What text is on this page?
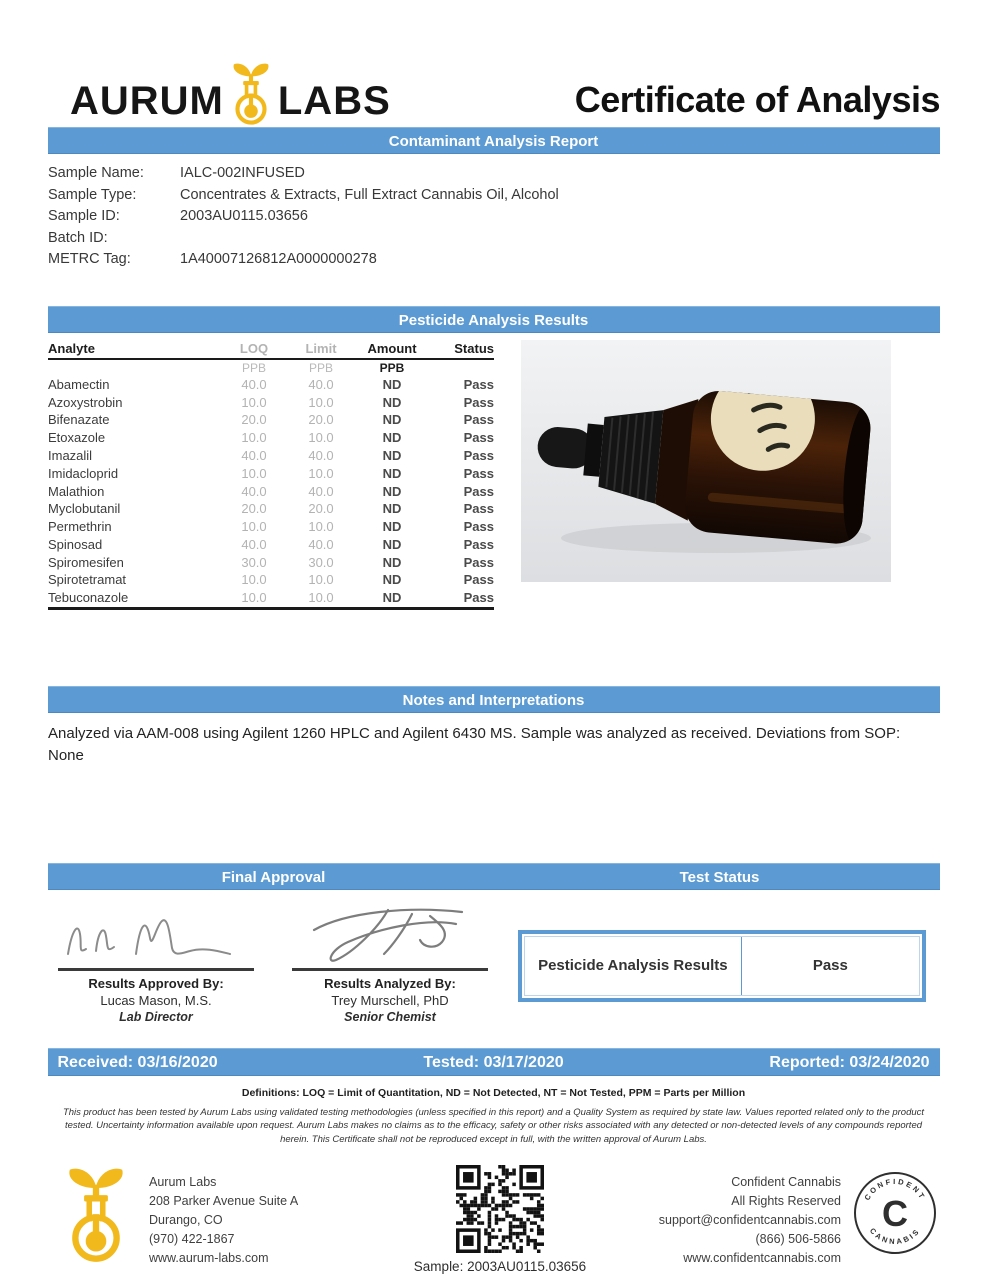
AURUM LABS	Certificate of Analysis
Contaminant Analysis Report
Sample Name:	IALC-002INFUSED
Sample Type:	Concentrates & Extracts, Full Extract Cannabis Oil, Alcohol
Sample ID:	2003AU0115.03656
Batch ID:
METRC Tag:	1A40007126812A0000000278
Pesticide Analysis Results
Analyte	LOQ	Limit	Amount	Status
	PPB	PPB	PPB	
Abamectin	40.0	40.0	ND	Pass
Azoxystrobin	10.0	10.0	ND	Pass
Bifenazate	20.0	20.0	ND	Pass
Etoxazole	10.0	10.0	ND	Pass
Imazalil	40.0	40.0	ND	Pass
Imidacloprid	10.0	10.0	ND	Pass
Malathion	40.0	40.0	ND	Pass
Myclobutanil	20.0	20.0	ND	Pass
Permethrin	10.0	10.0	ND	Pass
Spinosad	40.0	40.0	ND	Pass
Spiromesifen	30.0	30.0	ND	Pass
Spirotetramat	10.0	10.0	ND	Pass
Tebuconazole	10.0	10.0	ND	Pass
Notes and Interpretations

Analyzed via AAM-008 using Agilent 1260 HPLC and Agilent 6430 MS. Sample was analyzed as received. Deviations from SOP: None

Final Approval	Test Status
Results Approved By:
Lucas Mason, M.S.
Lab Director
Results Analyzed By:
Trey Murschell, PhD
Senior Chemist
Pesticide Analysis Results	Pass
Received: 03/16/2020	Tested: 03/17/2020	Reported: 03/24/2020

Definitions: LOQ = Limit of Quantitation, ND = Not Detected, NT = Not Tested, PPM = Parts per Million

This product has been tested by Aurum Labs using validated testing methodologies (unless specified in this report) and a Quality System as required by state law. Values reported related only to the product tested. Uncertainty information available upon request. Aurum Labs makes no claims as to the efficacy, safety or other risks associated with any detected or non-detected levels of any compounds reported herein. This Certificate shall not be reproduced except in full, with the written approval of Aurum Labs.

Aurum Labs
208 Parker Avenue Suite A
Durango, CO
(970) 422-1867
www.aurum-labs.com
Sample: 2003AU0115.03656
Confident Cannabis
All Rights Reserved
support@confidentcannabis.com
(866) 506-5866
www.confidentcannabis.com
CONFIDENT
CANNABIS
C
